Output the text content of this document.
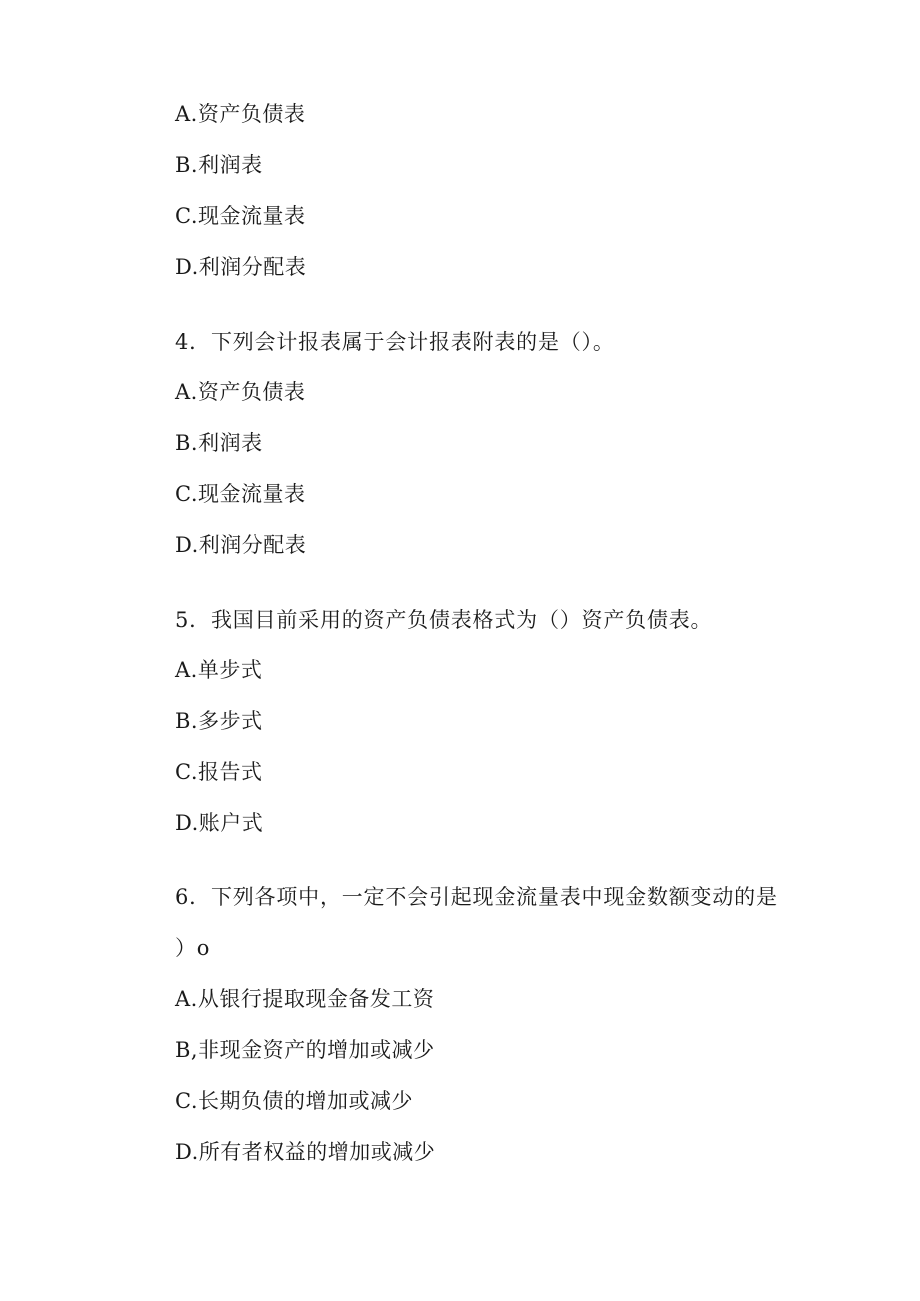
A.资产负债表
B.利润表
C.现金流量表
D.利润分配表
4．下列会计报表属于会计报表附表的是（）。
A.资产负债表
B.利润表
C.现金流量表
D.利润分配表
5．我国目前采用的资产负债表格式为（）资产负债表。
A.单步式
B.多步式
C.报告式
D.账户式
6．下列各项中，一定不会引起现金流量表中现金数额变动的是
）o
A.从银行提取现金备发工资
B,非现金资产的增加或减少
C.长期负债的增加或减少
D.所有者权益的增加或减少
